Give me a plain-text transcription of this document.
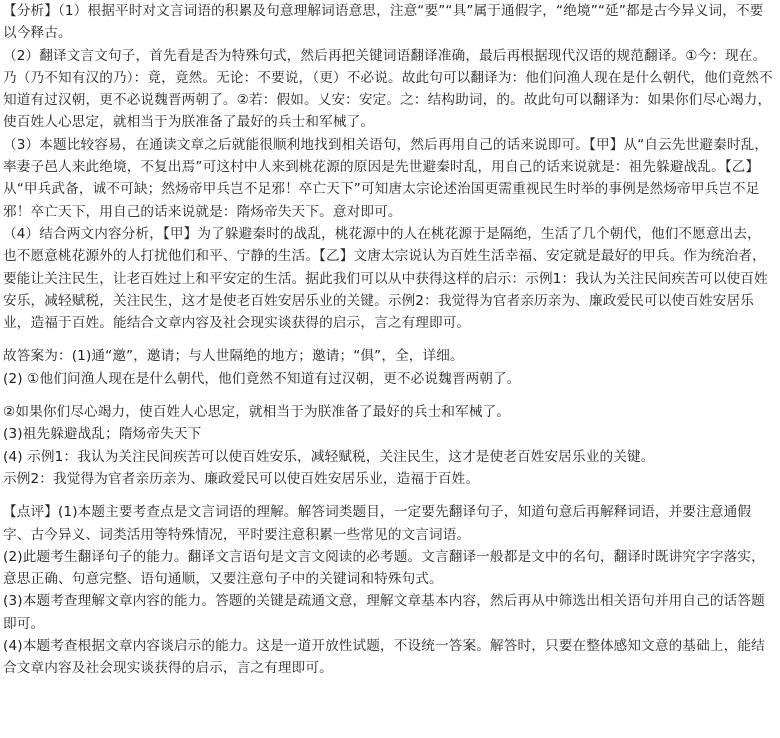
【分析】（1）根据平时对文言词语的积累及句意理解词语意思，注意“要”“具”属于通假字，“绝境”“延”都是古今异义词，不要以今释古。

（2）翻译文言文句子，首先看是否为特殊句式，然后再把关键词语翻译准确，最后再根据现代汉语的规范翻译。①今：现在。乃（乃不知有汉的乃）：竟，竟然。无论：不要说，（更）不必说。故此句可以翻译为：他们问渔人现在是什么朝代，他们竟然不知道有过汉朝，更不必说魏晋两朝了。②若：假如。乂安：安定。之：结构助词，的。故此句可以翻译为：如果你们尽心竭力，使百姓人心思定，就相当于为朕准备了最好的兵士和军械了。

（3）本题比较容易，在通读文章之后就能很顺利地找到相关语句，然后再用自己的话来说即可。【甲】从“自云先世避秦时乱，率妻子邑人来此绝境，不复出焉”可这村中人来到桃花源的原因是先世避秦时乱，用自己的话来说就是：祖先躲避战乱。【乙】从“甲兵武备，诚不可缺；然炀帝甲兵岂不足邪！卒亡天下”可知唐太宗论述治国更需重视民生时举的事例是然炀帝甲兵岂不足邪！卒亡天下，用自己的话来说就是：隋炀帝失天下。意对即可。

（4）结合两文内容分析，【甲】为了躲避秦时的战乱，桃花源中的人在桃花源于是隔绝，生活了几个朝代，他们不愿意出去，也不愿意桃花源外的人打扰他们和平、宁静的生活。【乙】文唐太宗说认为百姓生活幸福、安定就是最好的甲兵。作为统治者，要能让关注民生，让老百姓过上和平安定的生活。据此我们可以从中获得这样的启示：示例1：我认为关注民间疾苦可以使百姓安乐，减轻赋税，关注民生，这才是使老百姓安居乐业的关键。示例2：我觉得为官者亲历亲为、廉政爱民可以使百姓安居乐业，造福于百姓。能结合文章内容及社会现实谈获得的启示，言之有理即可。

故答案为：(1)通“邀”，邀请；与人世隔绝的地方；邀请；“俱”，全，详细。

(2) ①他们问渔人现在是什么朝代，他们竟然不知道有过汉朝，更不必说魏晋两朝了。

②如果你们尽心竭力，使百姓人心思定，就相当于为朕准备了最好的兵士和军械了。

(3)祖先躲避战乱；隋炀帝失天下

(4) 示例1：我认为关注民间疾苦可以使百姓安乐，减轻赋税，关注民生，这才是使老百姓安居乐业的关键。

示例2：我觉得为官者亲历亲为、廉政爱民可以使百姓安居乐业，造福于百姓。

【点评】(1)本题主要考查点是文言词语的理解。解答词类题目，一定要先翻译句子，知道句意后再解释词语，并要注意通假字、古今异义、词类活用等特殊情况，平时要注意积累一些常见的文言词语。

(2)此题考生翻译句子的能力。翻译文言语句是文言文阅读的必考题。文言翻译一般都是文中的名句，翻译时既讲究字字落实，意思正确、句意完整、语句通顺，又要注意句子中的关键词和特殊句式。

(3)本题考查理解文章内容的能力。答题的关键是疏通文意，理解文章基本内容，然后再从中筛选出相关语句并用自己的话答题即可。

(4)本题考查根据文章内容谈启示的能力。这是一道开放性试题，不设统一答案。解答时，只要在整体感知文意的基础上，能结合文章内容及社会现实谈获得的启示，言之有理即可。
